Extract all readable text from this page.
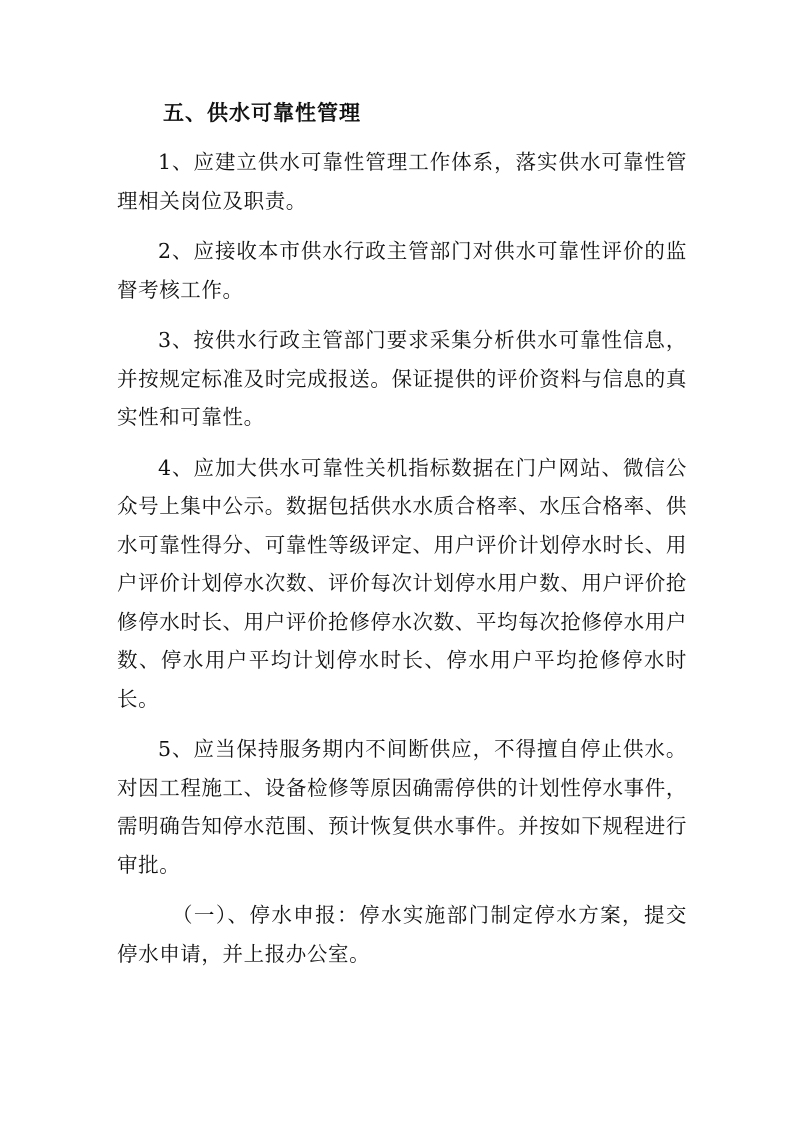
五、供水可靠性管理

1、应建立供水可靠性管理工作体系，落实供水可靠性管理相关岗位及职责。

2、应接收本市供水行政主管部门对供水可靠性评价的监督考核工作。

3、按供水行政主管部门要求采集分析供水可靠性信息，并按规定标准及时完成报送。保证提供的评价资料与信息的真实性和可靠性。

4、应加大供水可靠性关机指标数据在门户网站、微信公众号上集中公示。数据包括供水水质合格率、水压合格率、供水可靠性得分、可靠性等级评定、用户评价计划停水时长、用户评价计划停水次数、评价每次计划停水用户数、用户评价抢修停水时长、用户评价抢修停水次数、平均每次抢修停水用户数、停水用户平均计划停水时长、停水用户平均抢修停水时长。

5、应当保持服务期内不间断供应，不得擅自停止供水。对因工程施工、设备检修等原因确需停供的计划性停水事件，需明确告知停水范围、预计恢复供水事件。并按如下规程进行审批。

（一）、停水申报：停水实施部门制定停水方案，提交停水申请，并上报办公室。
